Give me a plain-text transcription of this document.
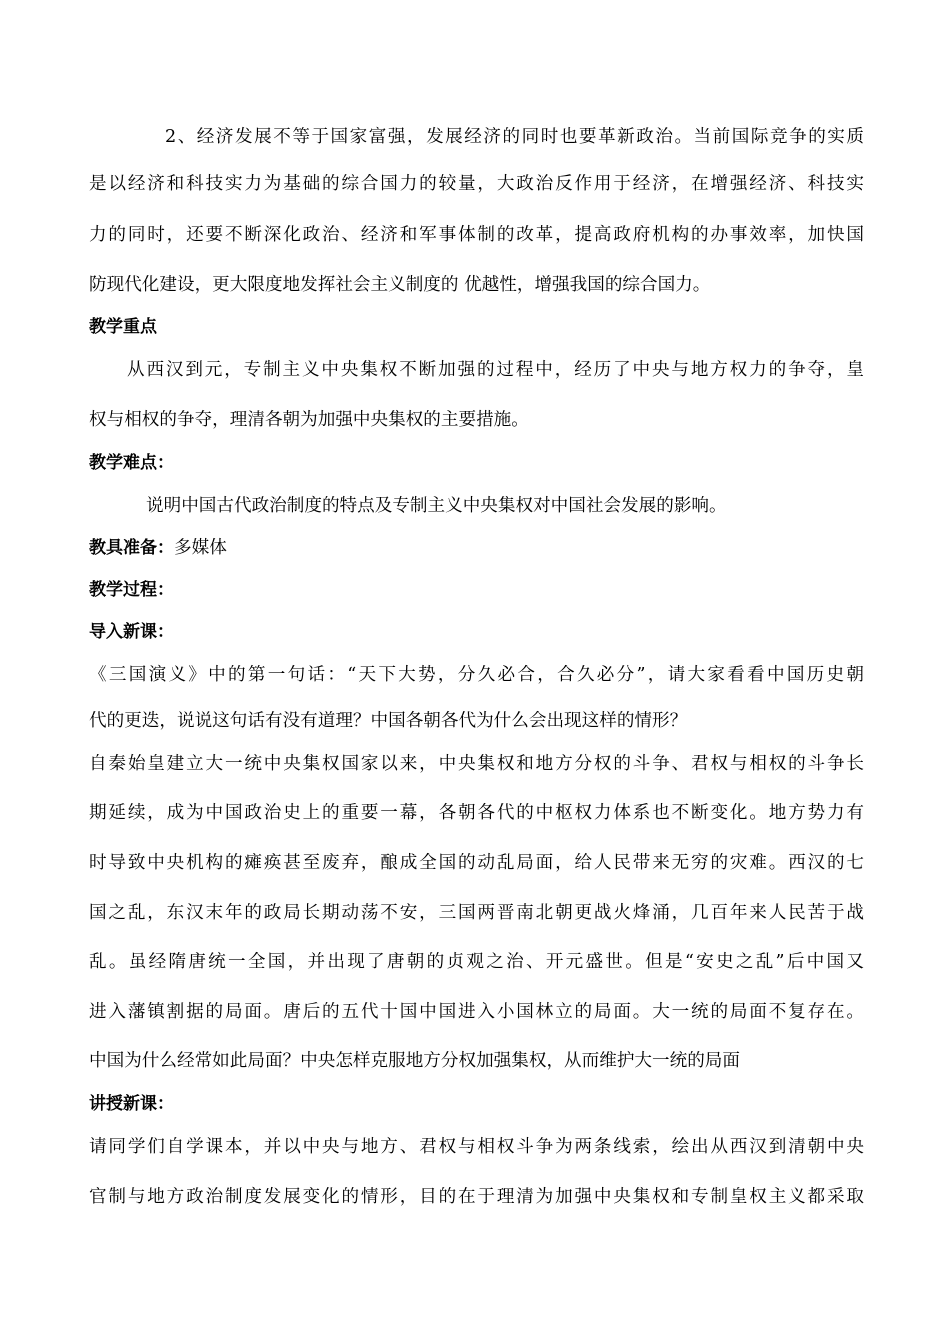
2、经济发展不等于国家富强，发展经济的同时也要革新政治。当前国际竞争的实质
是以经济和科技实力为基础的综合国力的较量，大政治反作用于经济，在增强经济、科技实
力的同时，还要不断深化政治、经济和军事体制的改革，提高政府机构的办事效率，加快国
防现代化建设，更大限度地发挥社会主义制度的 优越性，增强我国的综合国力。
教学重点
从西汉到元，专制主义中央集权不断加强的过程中，经历了中央与地方权力的争夺，皇
权与相权的争夺，理清各朝为加强中央集权的主要措施。
教学难点：
说明中国古代政治制度的特点及专制主义中央集权对中国社会发展的影响。
教具准备：多媒体
教学过程：
导入新课：
《三国演义》中的第一句话：“天下大势，分久必合，合久必分”，请大家看看中国历史朝
代的更迭，说说这句话有没有道理？中国各朝各代为什么会出现这样的情形？
自秦始皇建立大一统中央集权国家以来，中央集权和地方分权的斗争、君权与相权的斗争长
期延续，成为中国政治史上的重要一幕，各朝各代的中枢权力体系也不断变化。地方势力有
时导致中央机构的瘫痪甚至废弃，酿成全国的动乱局面，给人民带来无穷的灾难。西汉的七
国之乱，东汉末年的政局长期动荡不安，三国两晋南北朝更战火烽涌，几百年来人民苦于战
乱。虽经隋唐统一全国，并出现了唐朝的贞观之治、开元盛世。但是“安史之乱”后中国又
进入藩镇割据的局面。唐后的五代十国中国进入小国林立的局面。大一统的局面不复存在。
中国为什么经常如此局面？中央怎样克服地方分权加强集权，从而维护大一统的局面
讲授新课：
请同学们自学课本，并以中央与地方、君权与相权斗争为两条线索，绘出从西汉到清朝中央
官制与地方政治制度发展变化的情形，目的在于理清为加强中央集权和专制皇权主义都采取
